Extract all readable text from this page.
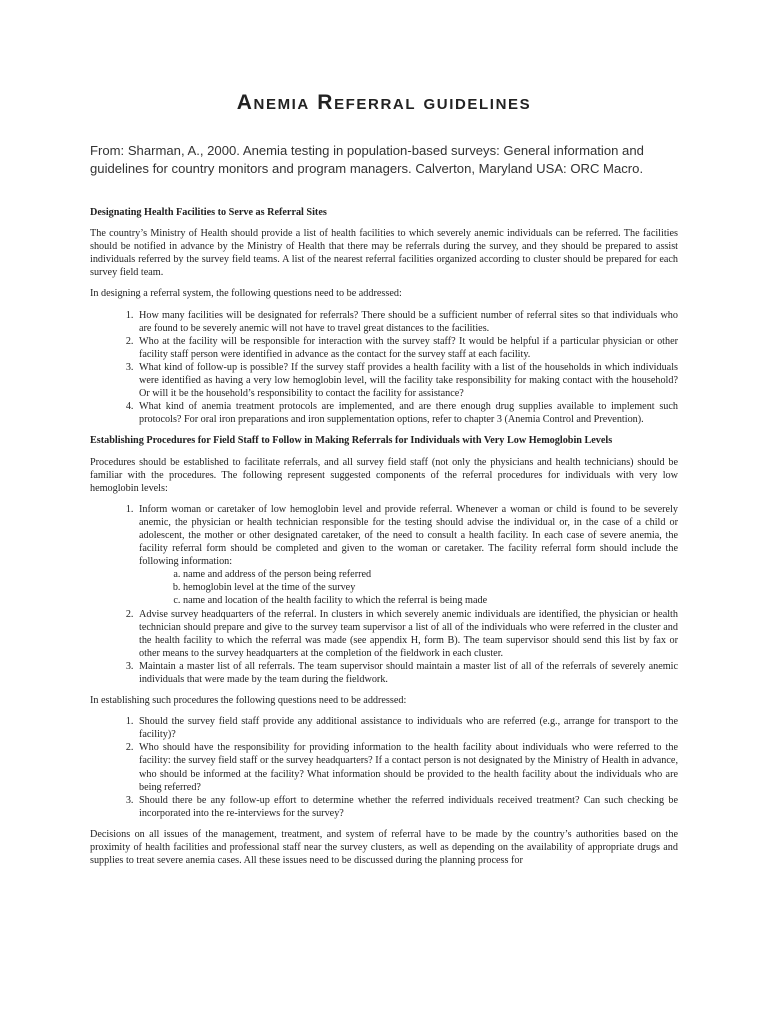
Anemia Referral guidelines

From: Sharman, A., 2000. Anemia testing in population-based surveys: General information and guidelines for country monitors and program managers. Calverton, Maryland USA: ORC Macro.

Designating Health Facilities to Serve as Referral Sites

The country’s Ministry of Health should provide a list of health facilities to which severely anemic individuals can be referred. The facilities should be notified in advance by the Ministry of Health that there may be referrals during the survey, and they should be prepared to assist individuals referred by the survey field teams. A list of the nearest referral facilities organized according to cluster should be prepared for each survey field team.

In designing a referral system, the following questions need to be addressed:

1. How many facilities will be designated for referrals? There should be a sufficient number of referral sites so that individuals who are found to be severely anemic will not have to travel great distances to the facilities.
2. Who at the facility will be responsible for interaction with the survey staff? It would be helpful if a particular physician or other facility staff person were identified in advance as the contact for the survey staff at each facility.
3. What kind of follow-up is possible? If the survey staff provides a health facility with a list of the households in which individuals were identified as having a very low hemoglobin level, will the facility take responsibility for making contact with the household? Or will it be the household’s responsibility to contact the facility for assistance?
4. What kind of anemia treatment protocols are implemented, and are there enough drug supplies available to implement such protocols? For oral iron preparations and iron supplementation options, refer to chapter 3 (Anemia Control and Prevention).

Establishing Procedures for Field Staff to Follow in Making Referrals for Individuals with Very Low Hemoglobin Levels

Procedures should be established to facilitate referrals, and all survey field staff (not only the physicians and health technicians) should be familiar with the procedures. The following represent suggested components of the referral procedures for individuals with very low hemoglobin levels:

1. Inform woman or caretaker of low hemoglobin level and provide referral. Whenever a woman or child is found to be severely anemic, the physician or health technician responsible for the testing should advise the individual or, in the case of a child or adolescent, the mother or other designated caretaker, of the need to consult a health facility. In each case of severe anemia, the facility referral form should be completed and given to the woman or caretaker. The facility referral form should include the following information:
a. name and address of the person being referred
b. hemoglobin level at the time of the survey
c. name and location of the health facility to which the referral is being made
2. Advise survey headquarters of the referral. In clusters in which severely anemic individuals are identified, the physician or health technician should prepare and give to the survey team supervisor a list of all of the individuals who were referred in the cluster and the health facility to which the referral was made (see appendix H, form B). The team supervisor should send this list by fax or other means to the survey headquarters at the completion of the fieldwork in each cluster.
3. Maintain a master list of all referrals. The team supervisor should maintain a master list of all of the referrals of severely anemic individuals that were made by the team during the fieldwork.

In establishing such procedures the following questions need to be addressed:

1. Should the survey field staff provide any additional assistance to individuals who are referred (e.g., arrange for transport to the facility)?
2. Who should have the responsibility for providing information to the health facility about individuals who were referred to the facility: the survey field staff or the survey headquarters? If a contact person is not designated by the Ministry of Health in advance, who should be informed at the facility? What information should be provided to the health facility about the individuals who are being referred?
3. Should there be any follow-up effort to determine whether the referred individuals received treatment? Can such checking be incorporated into the re-interviews for the survey?

Decisions on all issues of the management, treatment, and system of referral have to be made by the country’s authorities based on the proximity of health facilities and professional staff near the survey clusters, as well as depending on the availability of appropriate drugs and supplies to treat severe anemia cases. All these issues need to be discussed during the planning process for
